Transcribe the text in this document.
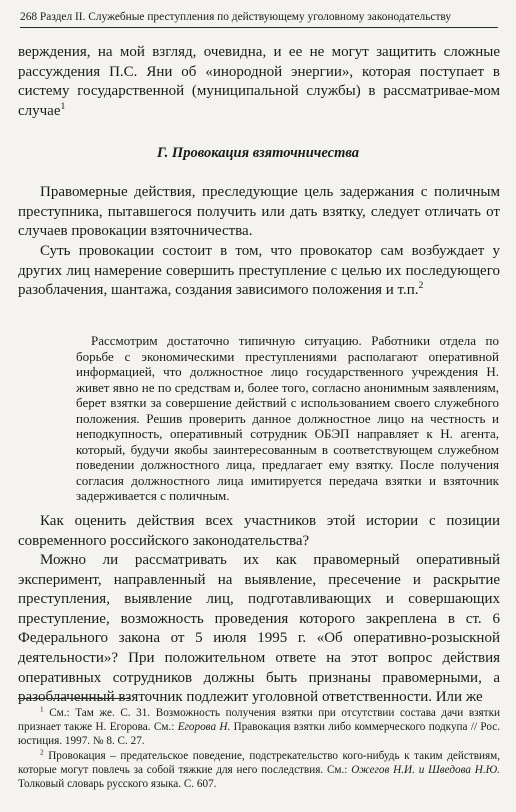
268 Раздел II. Служебные преступления по действующему уголовному законодательству
верждения, на мой взгляд, очевидна, и ее не могут защитить сложные рассуждения П.С. Яни об «инородной энергии», которая поступает в систему государственной (муниципальной службы) в рассматривае-мом случае$^1$
Г. Провокация взяточничества
Правомерные действия, преследующие цель задержания с поличным преступника, пытавшегося получить или дать взятку, следует отличать от случаев провокации взяточничества.
Суть провокации состоит в том, что провокатор сам возбуждает у других лиц намерение совершить преступление с целью их последующего разоблачения, шантажа, создания зависимого положения и т.п.$^2$
Рассмотрим достаточно типичную ситуацию. Работники отдела по борьбе с экономическими преступлениями располагают оперативной информацией, что должностное лицо государственного учреждения Н. живет явно не по средствам и, более того, согласно анонимным заявлениям, берет взятки за совершение действий с использованием своего служебного положения. Решив проверить данное должностное лицо на честность и неподкупность, оперативный сотрудник ОБЭП направляет к Н. агента, который, будучи якобы заинтересованным в соответствующем служебном поведении должностного лица, предлагает ему взятку. После получения согласия должностного лица имитируется передача взятки и взяточник задерживается с поличным.
Как оценить действия всех участников этой истории с позиции современного российского законодательства?
Можно ли рассматривать их как правомерный оперативный эксперимент, направленный на выявление, пресечение и раскрытие преступления, выявление лиц, подготавливающих и совершающих преступление, возможность проведения которого закреплена в ст. 6 Федерального закона от 5 июля 1995 г. «Об оперативно-розыскной деятельности»? При положительном ответе на этот вопрос действия оперативных сотрудников должны быть признаны правомерными, а разоблаченный взяточник подлежит уголовной ответственности. Или же
$^1$ См.: Там же. С. 31. Возможность получения взятки при отсутствии состава дачи взятки признает также Н. Егорова. См.: Егорова Н. Правокация взятки либо коммерческого подкупа // Рос. юстиция. 1997. № 8. С. 27.
$^2$ Провокация – предательское поведение, подстрекательство кого-нибудь к таким действиям, которые могут повлечь за собой тяжкие для него последствия. См.: Ожегов Н.И. и Шведова Н.Ю. Толковый словарь русского языка. С. 607.
